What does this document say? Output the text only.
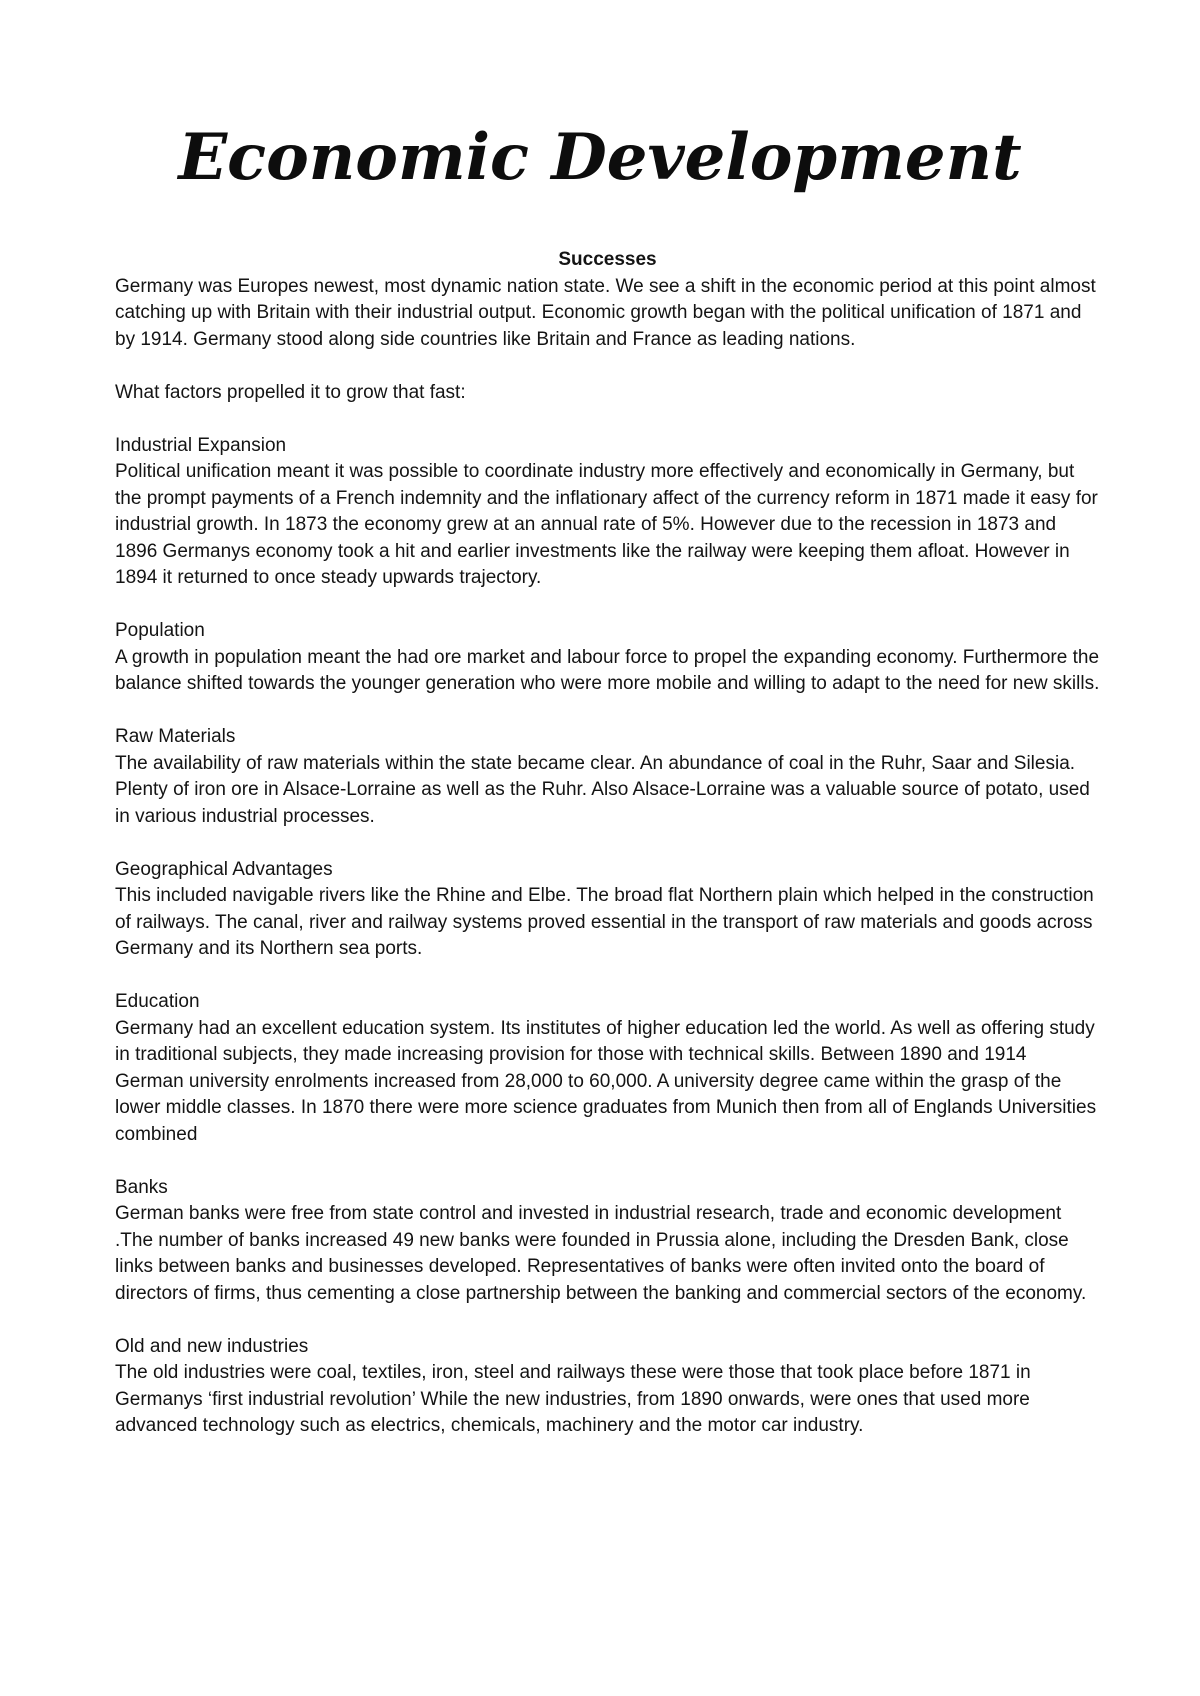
Economic Development

Successes

Germany was Europes newest, most dynamic nation state. We see a shift in the economic period at this point almost catching up with Britain with their industrial output. Economic growth began with the political unification of 1871 and by 1914. Germany stood along side countries like Britain and France as leading nations.

What factors propelled it to grow that fast:

Industrial Expansion

Political unification meant it was possible to coordinate industry more effectively and economically in Germany, but the prompt payments of a French indemnity and the inflationary affect of the currency reform in 1871 made it easy for industrial growth. In 1873 the economy grew at an annual rate of 5%. However due to the recession in 1873 and 1896 Germanys economy took a hit and earlier investments like the railway were keeping them afloat. However in 1894 it returned to once steady upwards trajectory.

Population

A growth in population meant the had ore market and labour force to propel the expanding economy. Furthermore the balance shifted towards the younger generation who were more mobile and willing to adapt to the need for new skills.

Raw Materials

The availability of raw materials within the state became clear. An abundance of coal in the Ruhr, Saar and Silesia. Plenty of iron ore in Alsace-Lorraine as well as the Ruhr. Also Alsace-Lorraine was a valuable source of potato, used in various industrial processes.

Geographical Advantages

This included navigable rivers like the Rhine and Elbe. The broad flat Northern plain which helped in the construction of railways. The canal, river and railway systems proved essential in the transport of raw materials and goods across Germany and its Northern sea ports.

Education

Germany had an excellent education system. Its institutes of higher education led the world. As well as offering study in traditional subjects, they made increasing provision for those with technical skills. Between 1890 and 1914 German university enrolments increased from 28,000 to 60,000. A university degree came within the grasp of the lower middle classes. In 1870 there were more science graduates from Munich then from all of Englands Universities combined

Banks

German banks were free from state control and invested in industrial research, trade and economic development .The number of banks increased 49 new banks were founded in Prussia alone, including the Dresden Bank, close links between banks and businesses developed. Representatives of banks were often invited onto the board of directors of firms, thus cementing a close partnership between the banking and commercial sectors of the economy.

Old and new industries

The old industries were coal, textiles, iron, steel and railways these were those that took place before 1871 in Germanys ‘first industrial revolution’ While the new industries, from 1890 onwards, were ones that used more advanced technology such as electrics, chemicals, machinery and the motor car industry.
